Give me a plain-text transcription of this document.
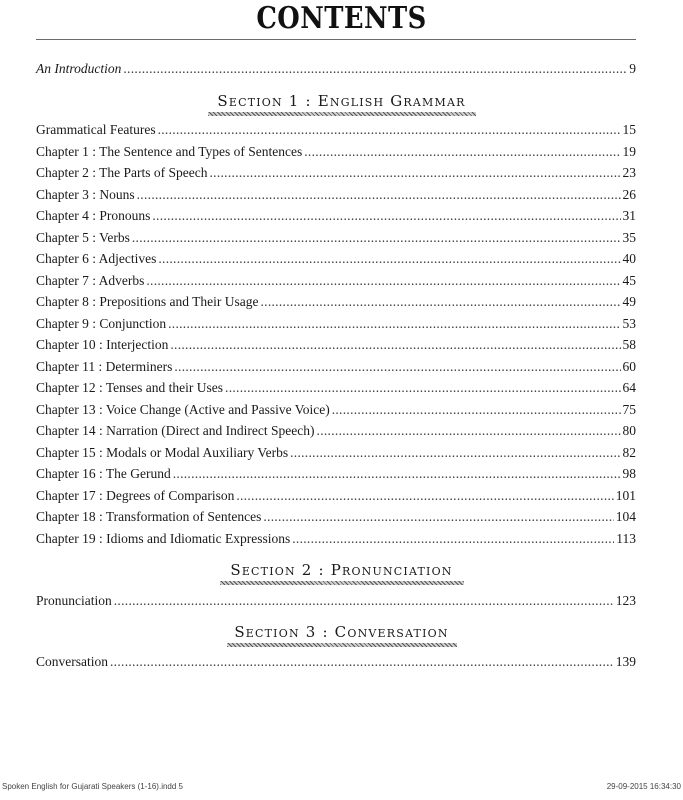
CONTENTS
An Introduction .....	9
Section 1 : English Grammar
Grammatical Features .....	15
Chapter 1 : The Sentence and Types of Sentences .....	19
Chapter 2 : The Parts of Speech .....	23
Chapter 3 : Nouns .....	26
Chapter 4 : Pronouns .....	31
Chapter 5 : Verbs .....	35
Chapter 6 : Adjectives .....	40
Chapter 7 : Adverbs .....	45
Chapter 8 : Prepositions and Their Usage .....	49
Chapter 9 : Conjunction .....	53
Chapter 10 : Interjection .....	58
Chapter 11 : Determiners .....	60
Chapter 12 : Tenses and their Uses .....	64
Chapter 13 : Voice Change (Active and Passive Voice) .....	75
Chapter 14 : Narration (Direct and Indirect Speech) .....	80
Chapter 15 : Modals or Modal Auxiliary Verbs .....	82
Chapter 16 : The Gerund .....	98
Chapter 17 : Degrees of Comparison .....	101
Chapter 18 : Transformation of Sentences .....	104
Chapter 19 : Idioms and Idiomatic Expressions .....	113
Section 2 : Pronunciation
Pronunciation .....	123
Section 3 : Conversation
Conversation .....	139
Spoken English for Gujarati Speakers (1-16).indd 5	29-09-2015 16:34:30
